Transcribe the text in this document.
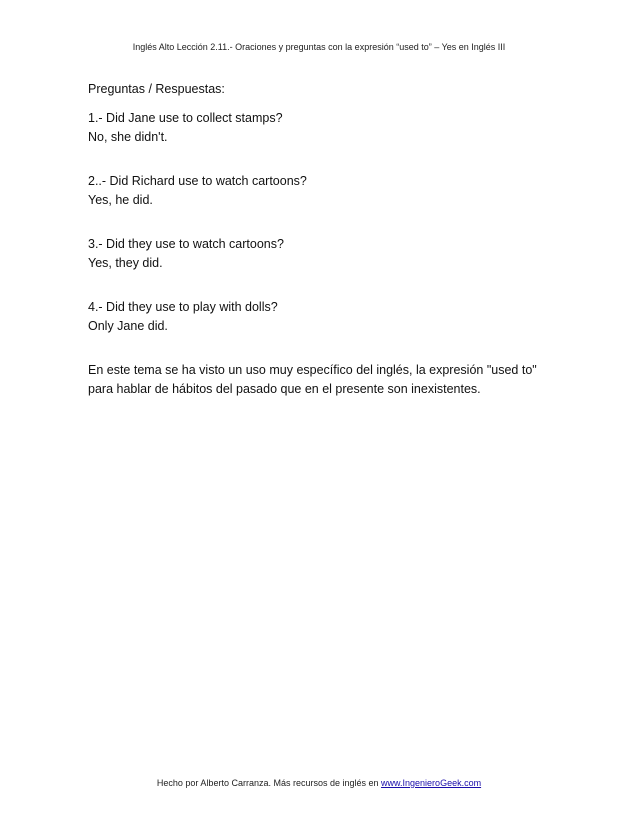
Inglés Alto Lección 2.11.- Oraciones y preguntas con la expresión “used to” – Yes en Inglés III
Preguntas / Respuestas:
1.- Did Jane use to collect stamps?
No, she didn't.
2..- Did Richard use to watch cartoons?
Yes, he did.
3.- Did they use to watch cartoons?
Yes, they did.
4.- Did they use to play with dolls?
Only Jane did.
En este tema se ha visto un uso muy específico del inglés, la expresión "used to"
para hablar de hábitos del pasado que en el presente son inexistentes.
Hecho por Alberto Carranza. Más recursos de inglés en www.IngenieroGeek.com
